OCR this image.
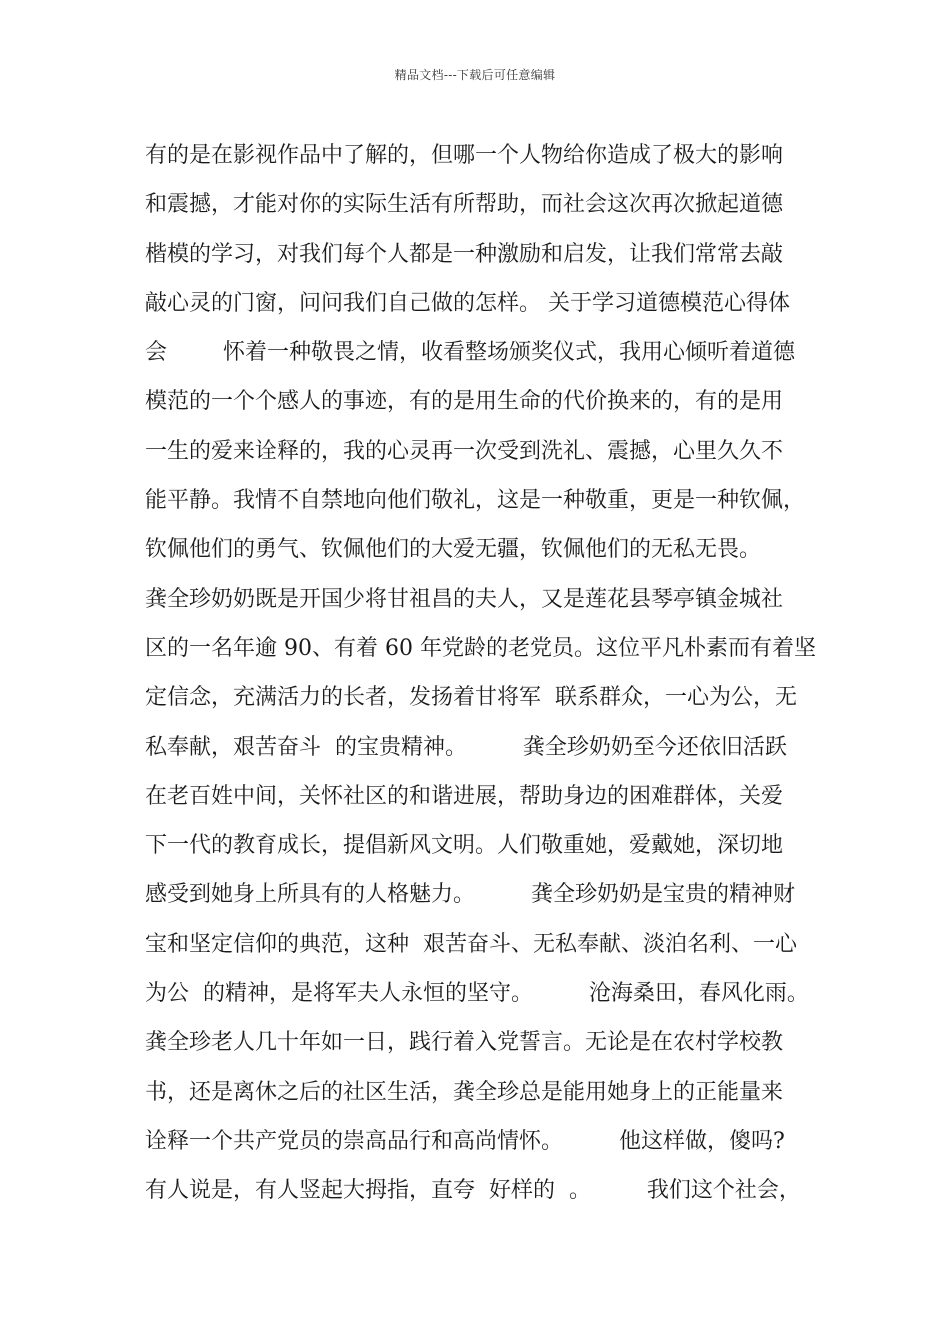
精品文档---下载后可任意编辑
有的是在影视作品中了解的，但哪一个人物给你造成了极大的影响
和震撼，才能对你的实际生活有所帮助，而社会这次再次掀起道德
楷模的学习，对我们每个人都是一种激励和启发，让我们常常去敲
敲心灵的门窗，问问我们自己做的怎样。 关于学习道德模范心得体
会        怀着一种敬畏之情，收看整场颁奖仪式，我用心倾听着道德
模范的一个个感人的事迹，有的是用生命的代价换来的，有的是用
一生的爱来诠释的，我的心灵再一次受到洗礼、震撼，心里久久不
能平静。我情不自禁地向他们敬礼，这是一种敬重，更是一种钦佩，
钦佩他们的勇气、钦佩他们的大爱无疆，钦佩他们的无私无畏。
龚全珍奶奶既是开国少将甘祖昌的夫人，又是莲花县琴亭镇金城社
区的一名年逾 90、有着 60 年党龄的老党员。这位平凡朴素而有着坚
定信念，充满活力的长者，发扬着甘将军  联系群众，一心为公，无
私奉献，艰苦奋斗  的宝贵精神。        龚全珍奶奶至今还依旧活跃
在老百姓中间，关怀社区的和谐进展，帮助身边的困难群体，关爱
下一代的教育成长，提倡新风文明。人们敬重她，爱戴她，深切地
感受到她身上所具有的人格魅力。        龚全珍奶奶是宝贵的精神财
宝和坚定信仰的典范，这种  艰苦奋斗、无私奉献、淡泊名利、一心
为公  的精神，是将军夫人永恒的坚守。        沧海桑田，春风化雨。
龚全珍老人几十年如一日，践行着入党誓言。无论是在农村学校教
书，还是离休之后的社区生活，龚全珍总是能用她身上的正能量来
诠释一个共产党员的崇高品行和高尚情怀。        他这样做，傻吗?
有人说是，有人竖起大拇指，直夸  好样的  。        我们这个社会，
